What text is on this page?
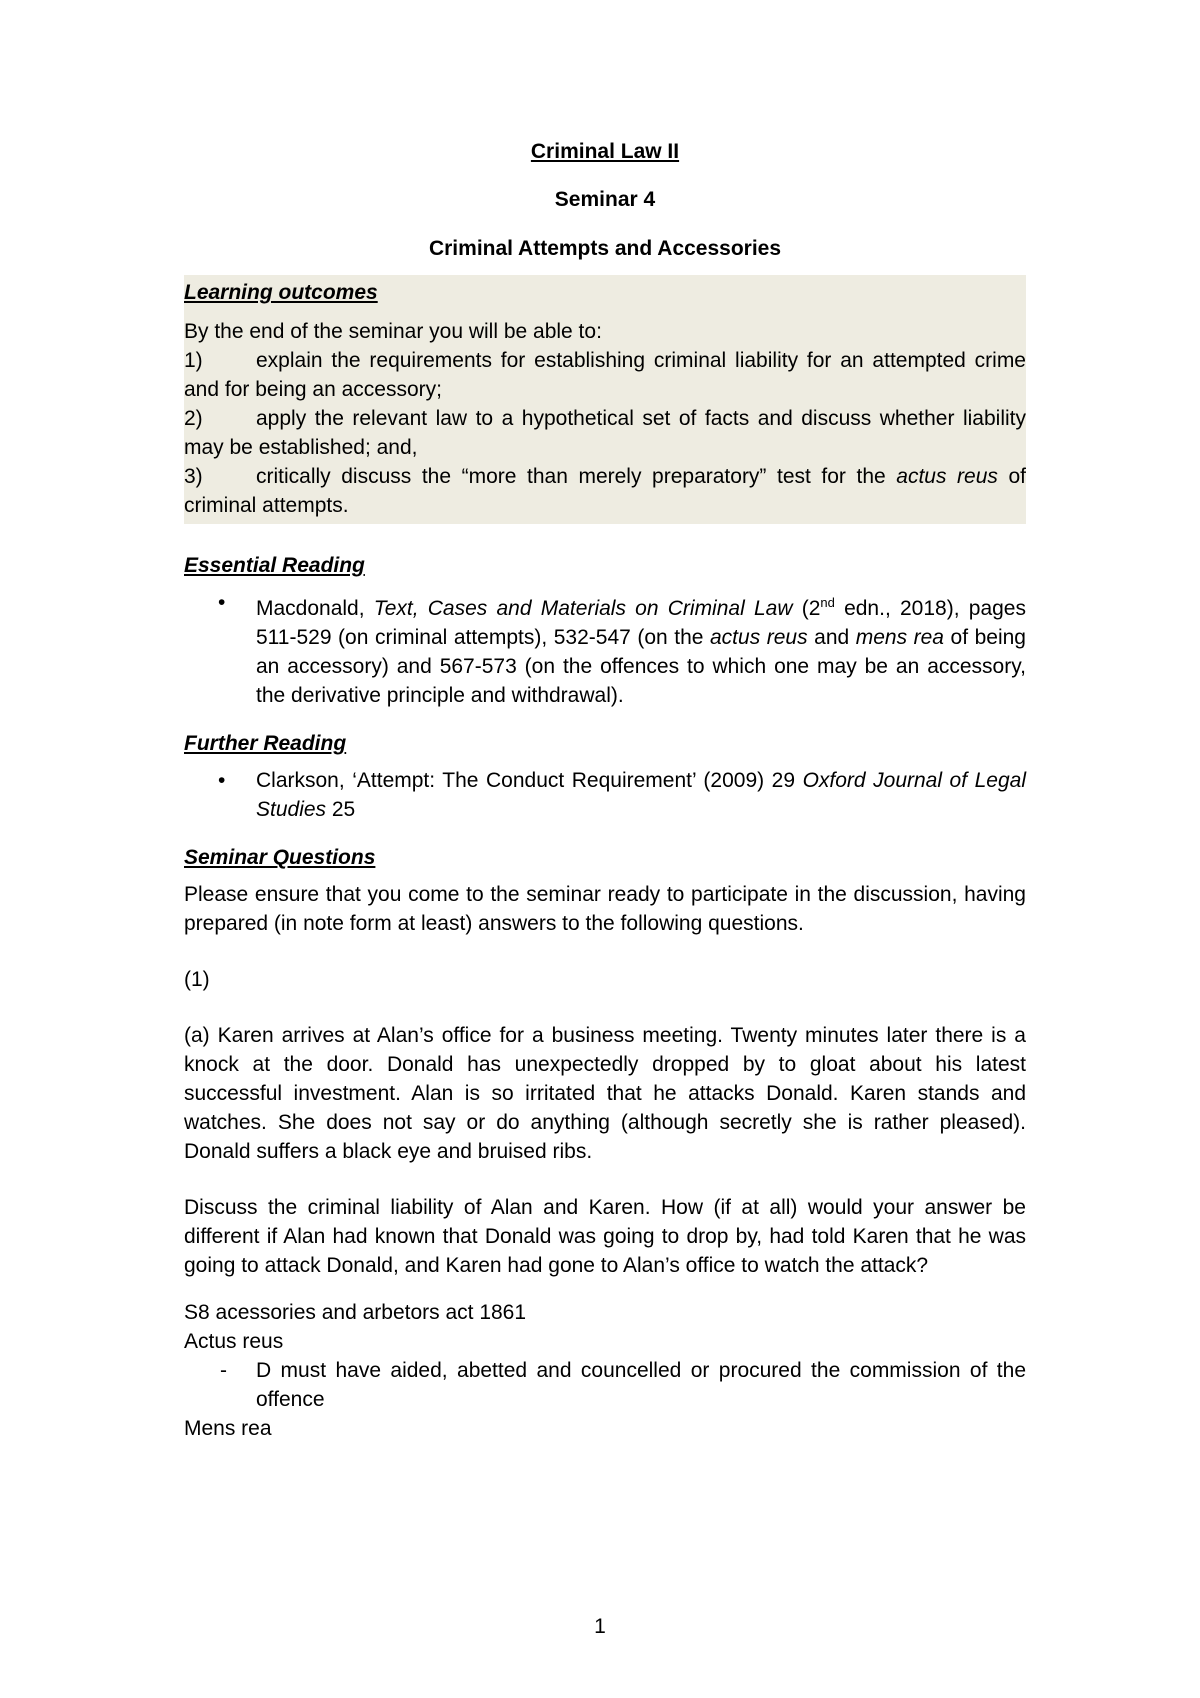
Criminal Law II
Seminar 4
Criminal Attempts and Accessories
Learning outcomes
By the end of the seminar you will be able to:
1)	explain the requirements for establishing criminal liability for an attempted crime and for being an accessory;
2)	apply the relevant law to a hypothetical set of facts and discuss whether liability may be established; and,
3)	critically discuss the “more than merely preparatory” test for the actus reus of criminal attempts.
Essential Reading
•
Macdonald, Text, Cases and Materials on Criminal Law (2nd edn., 2018), pages 511-529 (on criminal attempts), 532-547 (on the actus reus and mens rea of being an accessory) and 567-573 (on the offences to which one may be an accessory, the derivative principle and withdrawal).
Further Reading
•
Clarkson, ‘Attempt: The Conduct Requirement’ (2009) 29 Oxford Journal of Legal Studies 25
Seminar Questions
Please ensure that you come to the seminar ready to participate in the discussion, having prepared (in note form at least) answers to the following questions.
(1)
(a) Karen arrives at Alan’s office for a business meeting. Twenty minutes later there is a knock at the door. Donald has unexpectedly dropped by to gloat about his latest successful investment. Alan is so irritated that he attacks Donald. Karen stands and watches. She does not say or do anything (although secretly she is rather pleased). Donald suffers a black eye and bruised ribs.
Discuss the criminal liability of Alan and Karen. How (if at all) would your answer be different if Alan had known that Donald was going to drop by, had told Karen that he was going to attack Donald, and Karen had gone to Alan’s office to watch the attack?
S8 acessories and arbetors act 1861
Actus reus
-	D must have aided, abetted and councelled or procured the commission of the offence
Mens rea
1
